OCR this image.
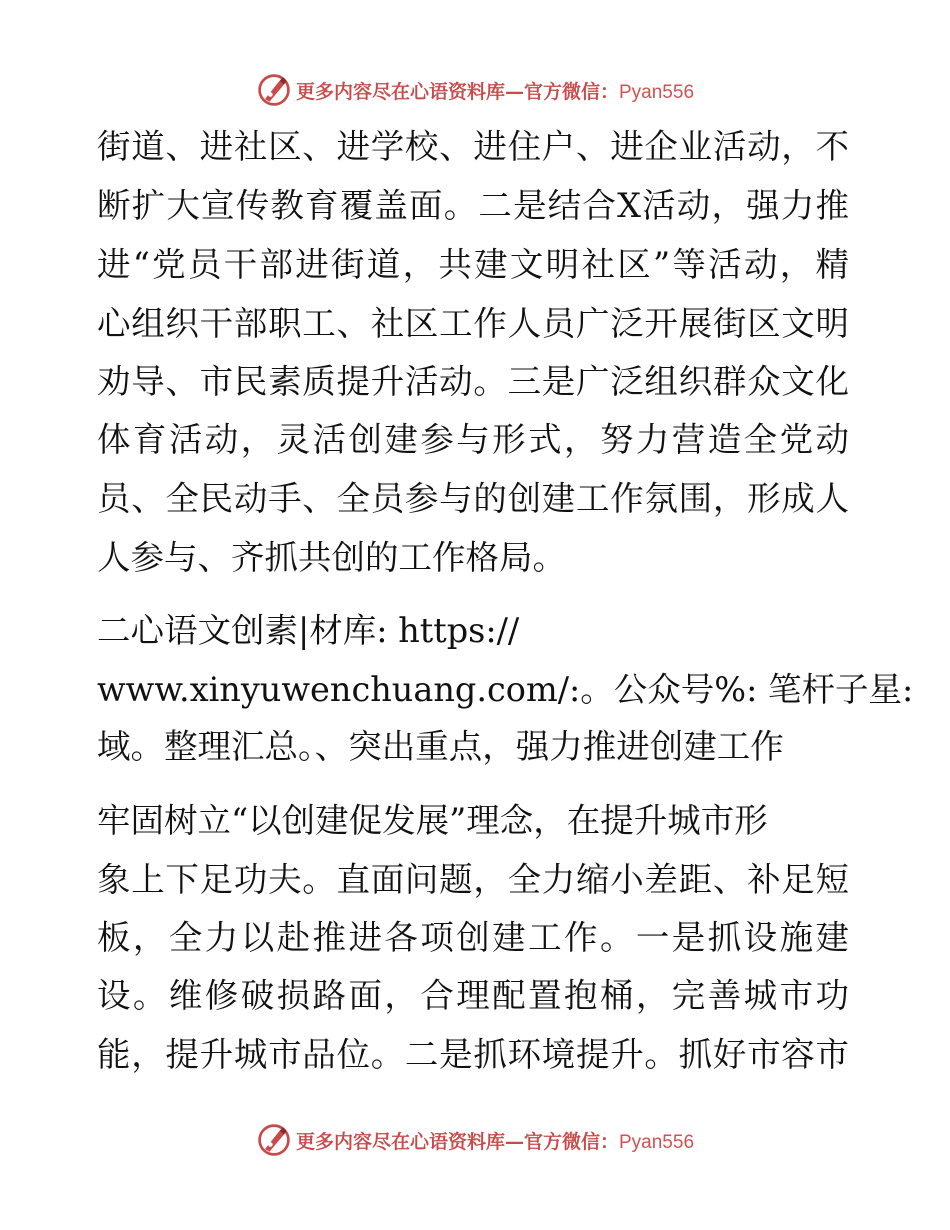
更多内容尽在心语资料库—官方微信：Pyan556
街道、进社区、进学校、进住户、进企业活动，不
断扩大宣传教育覆盖面。二是结合X活动，强力推
进“党员干部进街道，共建文明社区”等活动，精
心组织干部职工、社区工作人员广泛开展街区文明
劝导、市民素质提升活动。三是广泛组织群众文化
体育活动，灵活创建参与形式，努力营造全党动
员、全民动手、全员参与的创建工作氛围，形成人
人参与、齐抓共创的工作格局。
二心语文创素|材库: https://
www.xinyuwenchuang.com/:。公众号%: 笔杆子星:
域。整理汇总。、突出重点，强力推进创建工作
牢固树立“以创建促发展”理念，在提升城市形
象上下足功夫。直面问题，全力缩小差距、补足短
板，全力以赴推进各项创建工作。一是抓设施建
设。维修破损路面，合理配置抱桶，完善城市功
能，提升城市品位。二是抓环境提升。抓好市容市
更多内容尽在心语资料库—官方微信：Pyan556
